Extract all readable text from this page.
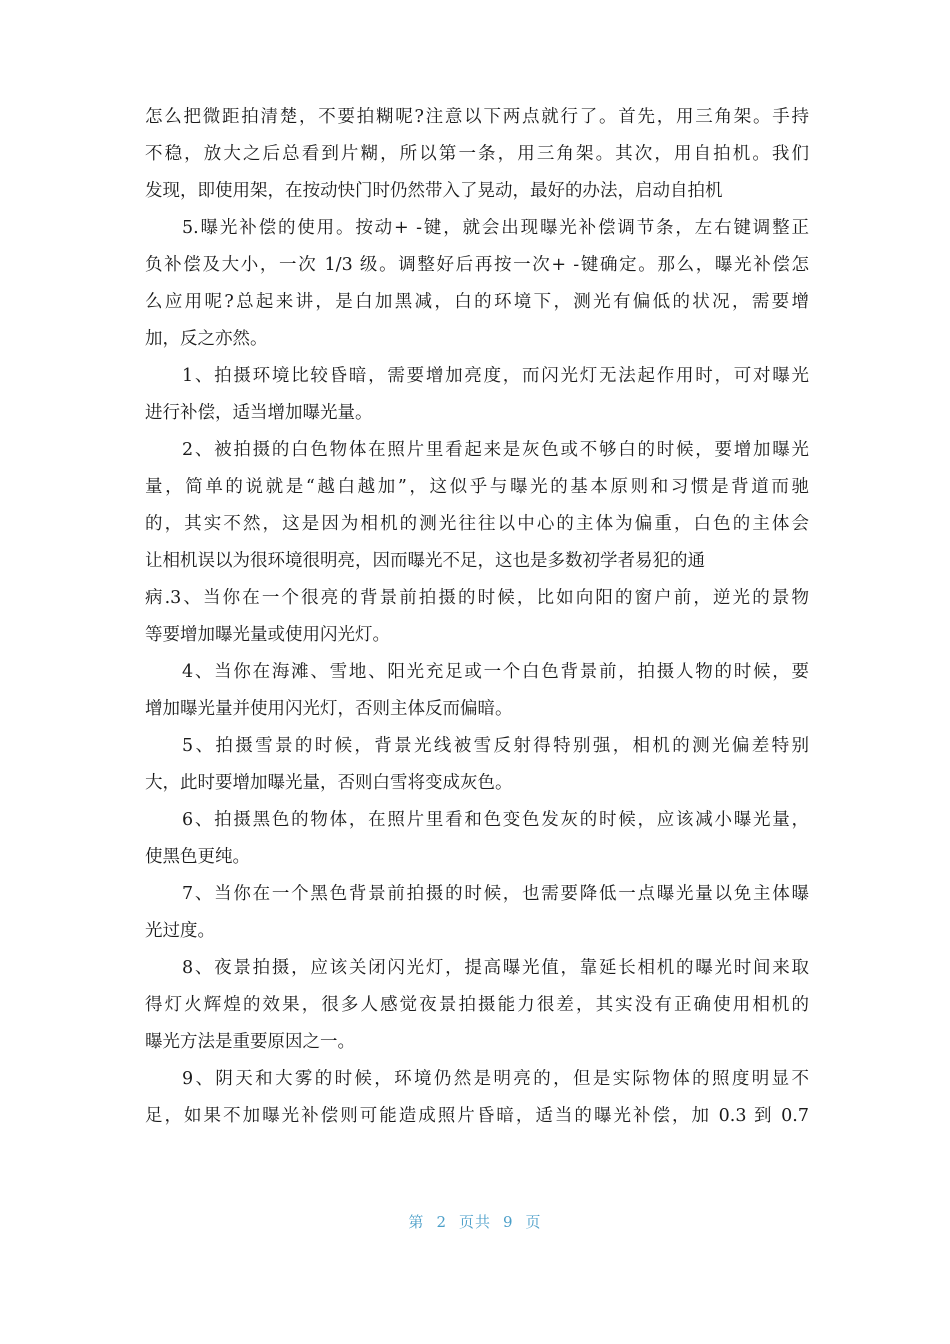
怎么把微距拍清楚，不要拍糊呢?注意以下两点就行了。首先，用三角架。手持
不稳，放大之后总看到片糊，所以第一条，用三角架。其次，用自拍机。我们
发现，即使用架，在按动快门时仍然带入了晃动，最好的办法，启动自拍机
5.曝光补偿的使用。按动+ -键，就会出现曝光补偿调节条，左右键调整正
负补偿及大小，一次 1/3 级。调整好后再按一次+ -键确定。那么，曝光补偿怎
么应用呢?总起来讲，是白加黑减，白的环境下，测光有偏低的状况，需要增
加，反之亦然。
1、拍摄环境比较昏暗，需要增加亮度，而闪光灯无法起作用时，可对曝光
进行补偿，适当增加曝光量。
2、被拍摄的白色物体在照片里看起来是灰色或不够白的时候，要增加曝光
量，简单的说就是“越白越加”，这似乎与曝光的基本原则和习惯是背道而驰
的，其实不然，这是因为相机的测光往往以中心的主体为偏重，白色的主体会
让相机误以为很环境很明亮，因而曝光不足，这也是多数初学者易犯的通
病.3、当你在一个很亮的背景前拍摄的时候，比如向阳的窗户前，逆光的景物
等要增加曝光量或使用闪光灯。
4、当你在海滩、雪地、阳光充足或一个白色背景前，拍摄人物的时候，要
增加曝光量并使用闪光灯，否则主体反而偏暗。
5、拍摄雪景的时候，背景光线被雪反射得特别强，相机的测光偏差特别
大，此时要增加曝光量，否则白雪将变成灰色。
6、拍摄黑色的物体，在照片里看和色变色发灰的时候，应该减小曝光量，
使黑色更纯。
7、当你在一个黑色背景前拍摄的时候，也需要降低一点曝光量以免主体曝
光过度。
8、夜景拍摄，应该关闭闪光灯，提高曝光值，靠延长相机的曝光时间来取
得灯火辉煌的效果，很多人感觉夜景拍摄能力很差，其实没有正确使用相机的
曝光方法是重要原因之一。
9、阴天和大雾的时候，环境仍然是明亮的，但是实际物体的照度明显不
足，如果不加曝光补偿则可能造成照片昏暗，适当的曝光补偿，加 0.3 到 0.7
第 2 页共 9 页
